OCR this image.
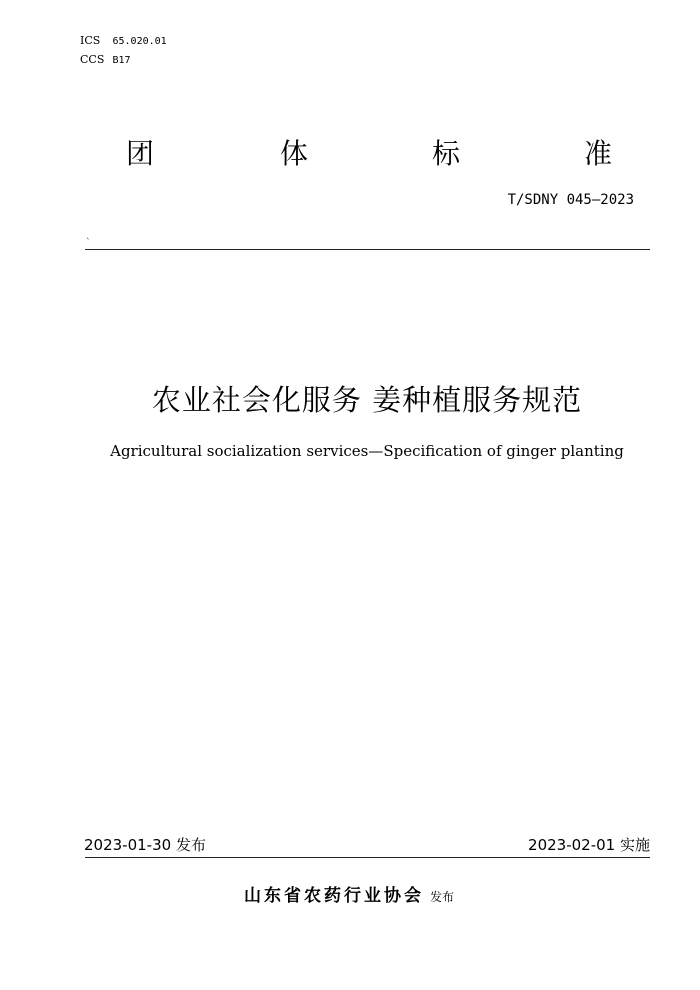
ICS 65.020.01
CCS B17
团	体	标	准
T/SDNY 045—2023
`
农业社会化服务 姜种植服务规范
Agricultural socialization services—Specification of ginger planting
2023-01-30 发布	2023-02-01 实施
山东省农药行业协会 发布
